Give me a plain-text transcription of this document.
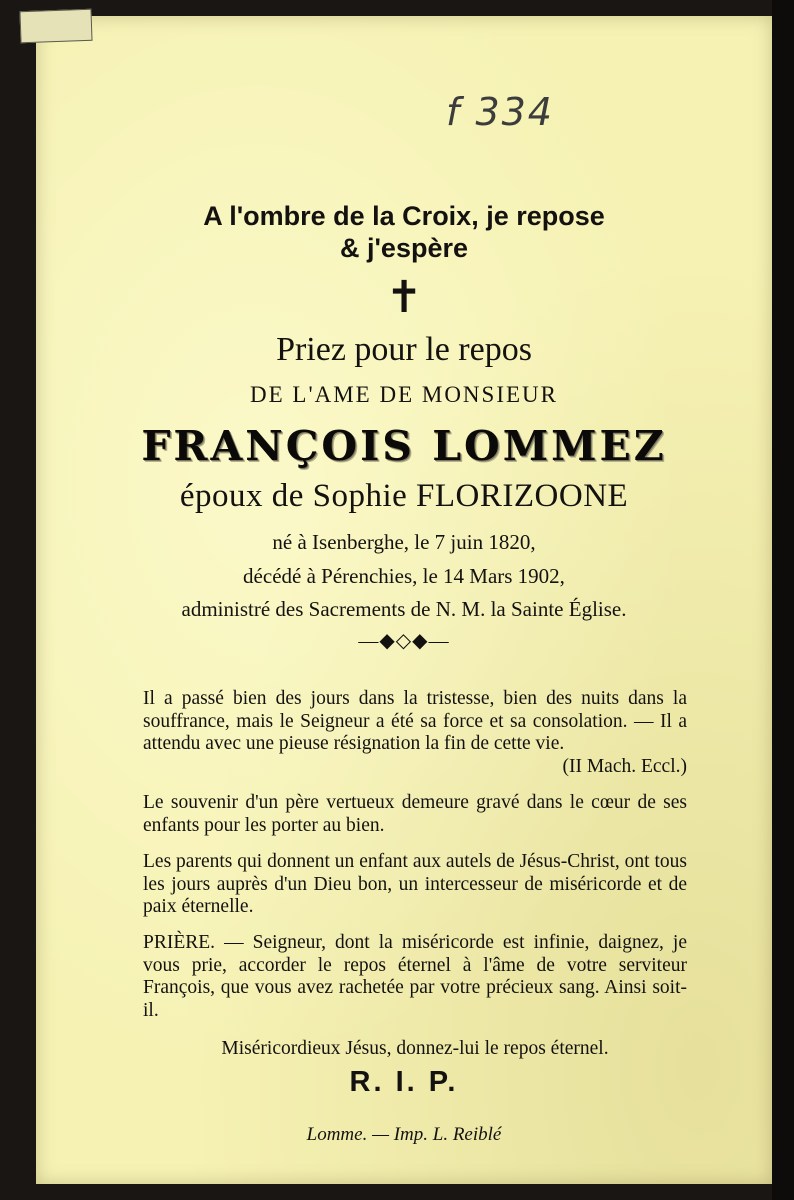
f 334
A l'ombre de la Croix, je repose
& j'espère
✝
Priez pour le repos
DE L'AME DE MONSIEUR
FRANÇOIS LOMMEZ
époux de Sophie FLORIZOONE
né à Isenberghe, le 7 juin 1820,
décédé à Pérenchies, le 14 Mars 1902,
administré des Sacrements de N. M. la Sainte Église.
—◆◇◆—
Il a passé bien des jours dans la tristesse, bien des nuits dans la souffrance, mais le Seigneur a été sa force et sa consolation. — Il a attendu avec une pieuse résignation la fin de cette vie.
(II Mach. Eccl.)
Le souvenir d'un père vertueux demeure gravé dans le cœur de ses enfants pour les porter au bien.
Les parents qui donnent un enfant aux autels de Jésus-Christ, ont tous les jours auprès d'un Dieu bon, un intercesseur de miséricorde et de paix éternelle.
PRIÈRE. — Seigneur, dont la miséricorde est infinie, daignez, je vous prie, accorder le repos éternel à l'âme de votre serviteur François, que vous avez rachetée par votre précieux sang. Ainsi soit-il.
Miséricordieux Jésus, donnez-lui le repos éternel.
R. I. P.
Lomme. — Imp. L. Reiblé
